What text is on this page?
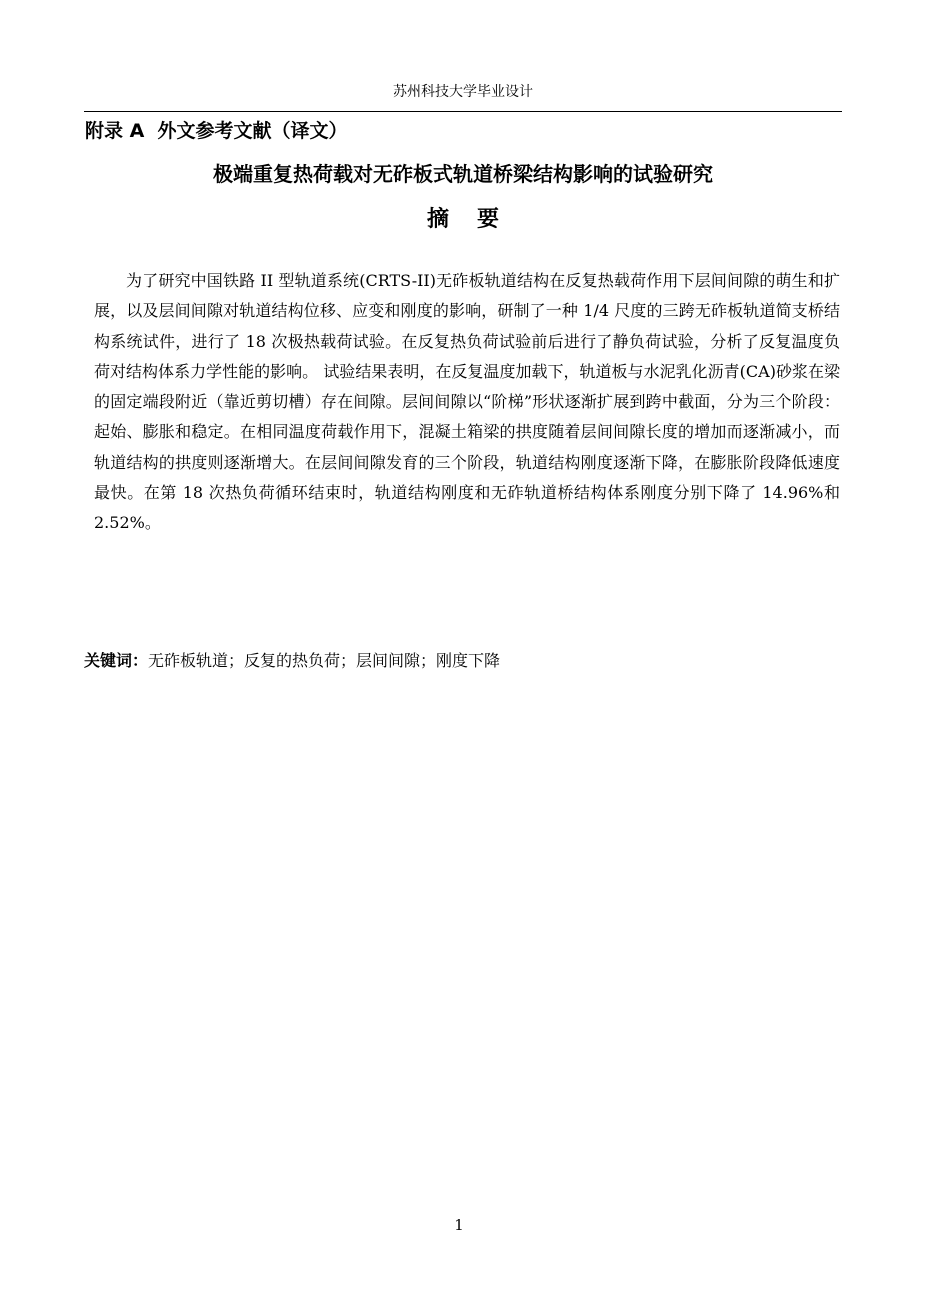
苏州科技大学毕业设计
附录 A  外文参考文献（译文）
极端重复热荷载对无砟板式轨道桥梁结构影响的试验研究
摘要

为了研究中国铁路 II 型轨道系统(CRTS-II)无砟板轨道结构在反复热载荷作用下层间间隙的萌生和扩展，以及层间间隙对轨道结构位移、应变和刚度的影响，研制了一种 1/4 尺度的三跨无砟板轨道简支桥结构系统试件，进行了 18 次极热载荷试验。在反复热负荷试验前后进行了静负荷试验，分析了反复温度负荷对结构体系力学性能的影响。 试验结果表明，在反复温度加载下，轨道板与水泥乳化沥青(CA)砂浆在梁的固定端段附近（靠近剪切槽）存在间隙。层间间隙以“阶梯”形状逐渐扩展到跨中截面，分为三个阶段：起始、膨胀和稳定。在相同温度荷载作用下，混凝土箱梁的拱度随着层间间隙长度的增加而逐渐减小，而轨道结构的拱度则逐渐增大。在层间间隙发育的三个阶段，轨道结构刚度逐渐下降，在膨胀阶段降低速度最快。在第 18 次热负荷循环结束时，轨道结构刚度和无砟轨道桥结构体系刚度分别下降了 14.96%和 2.52%。

关键词：无砟板轨道；反复的热负荷；层间间隙；刚度下降
1
